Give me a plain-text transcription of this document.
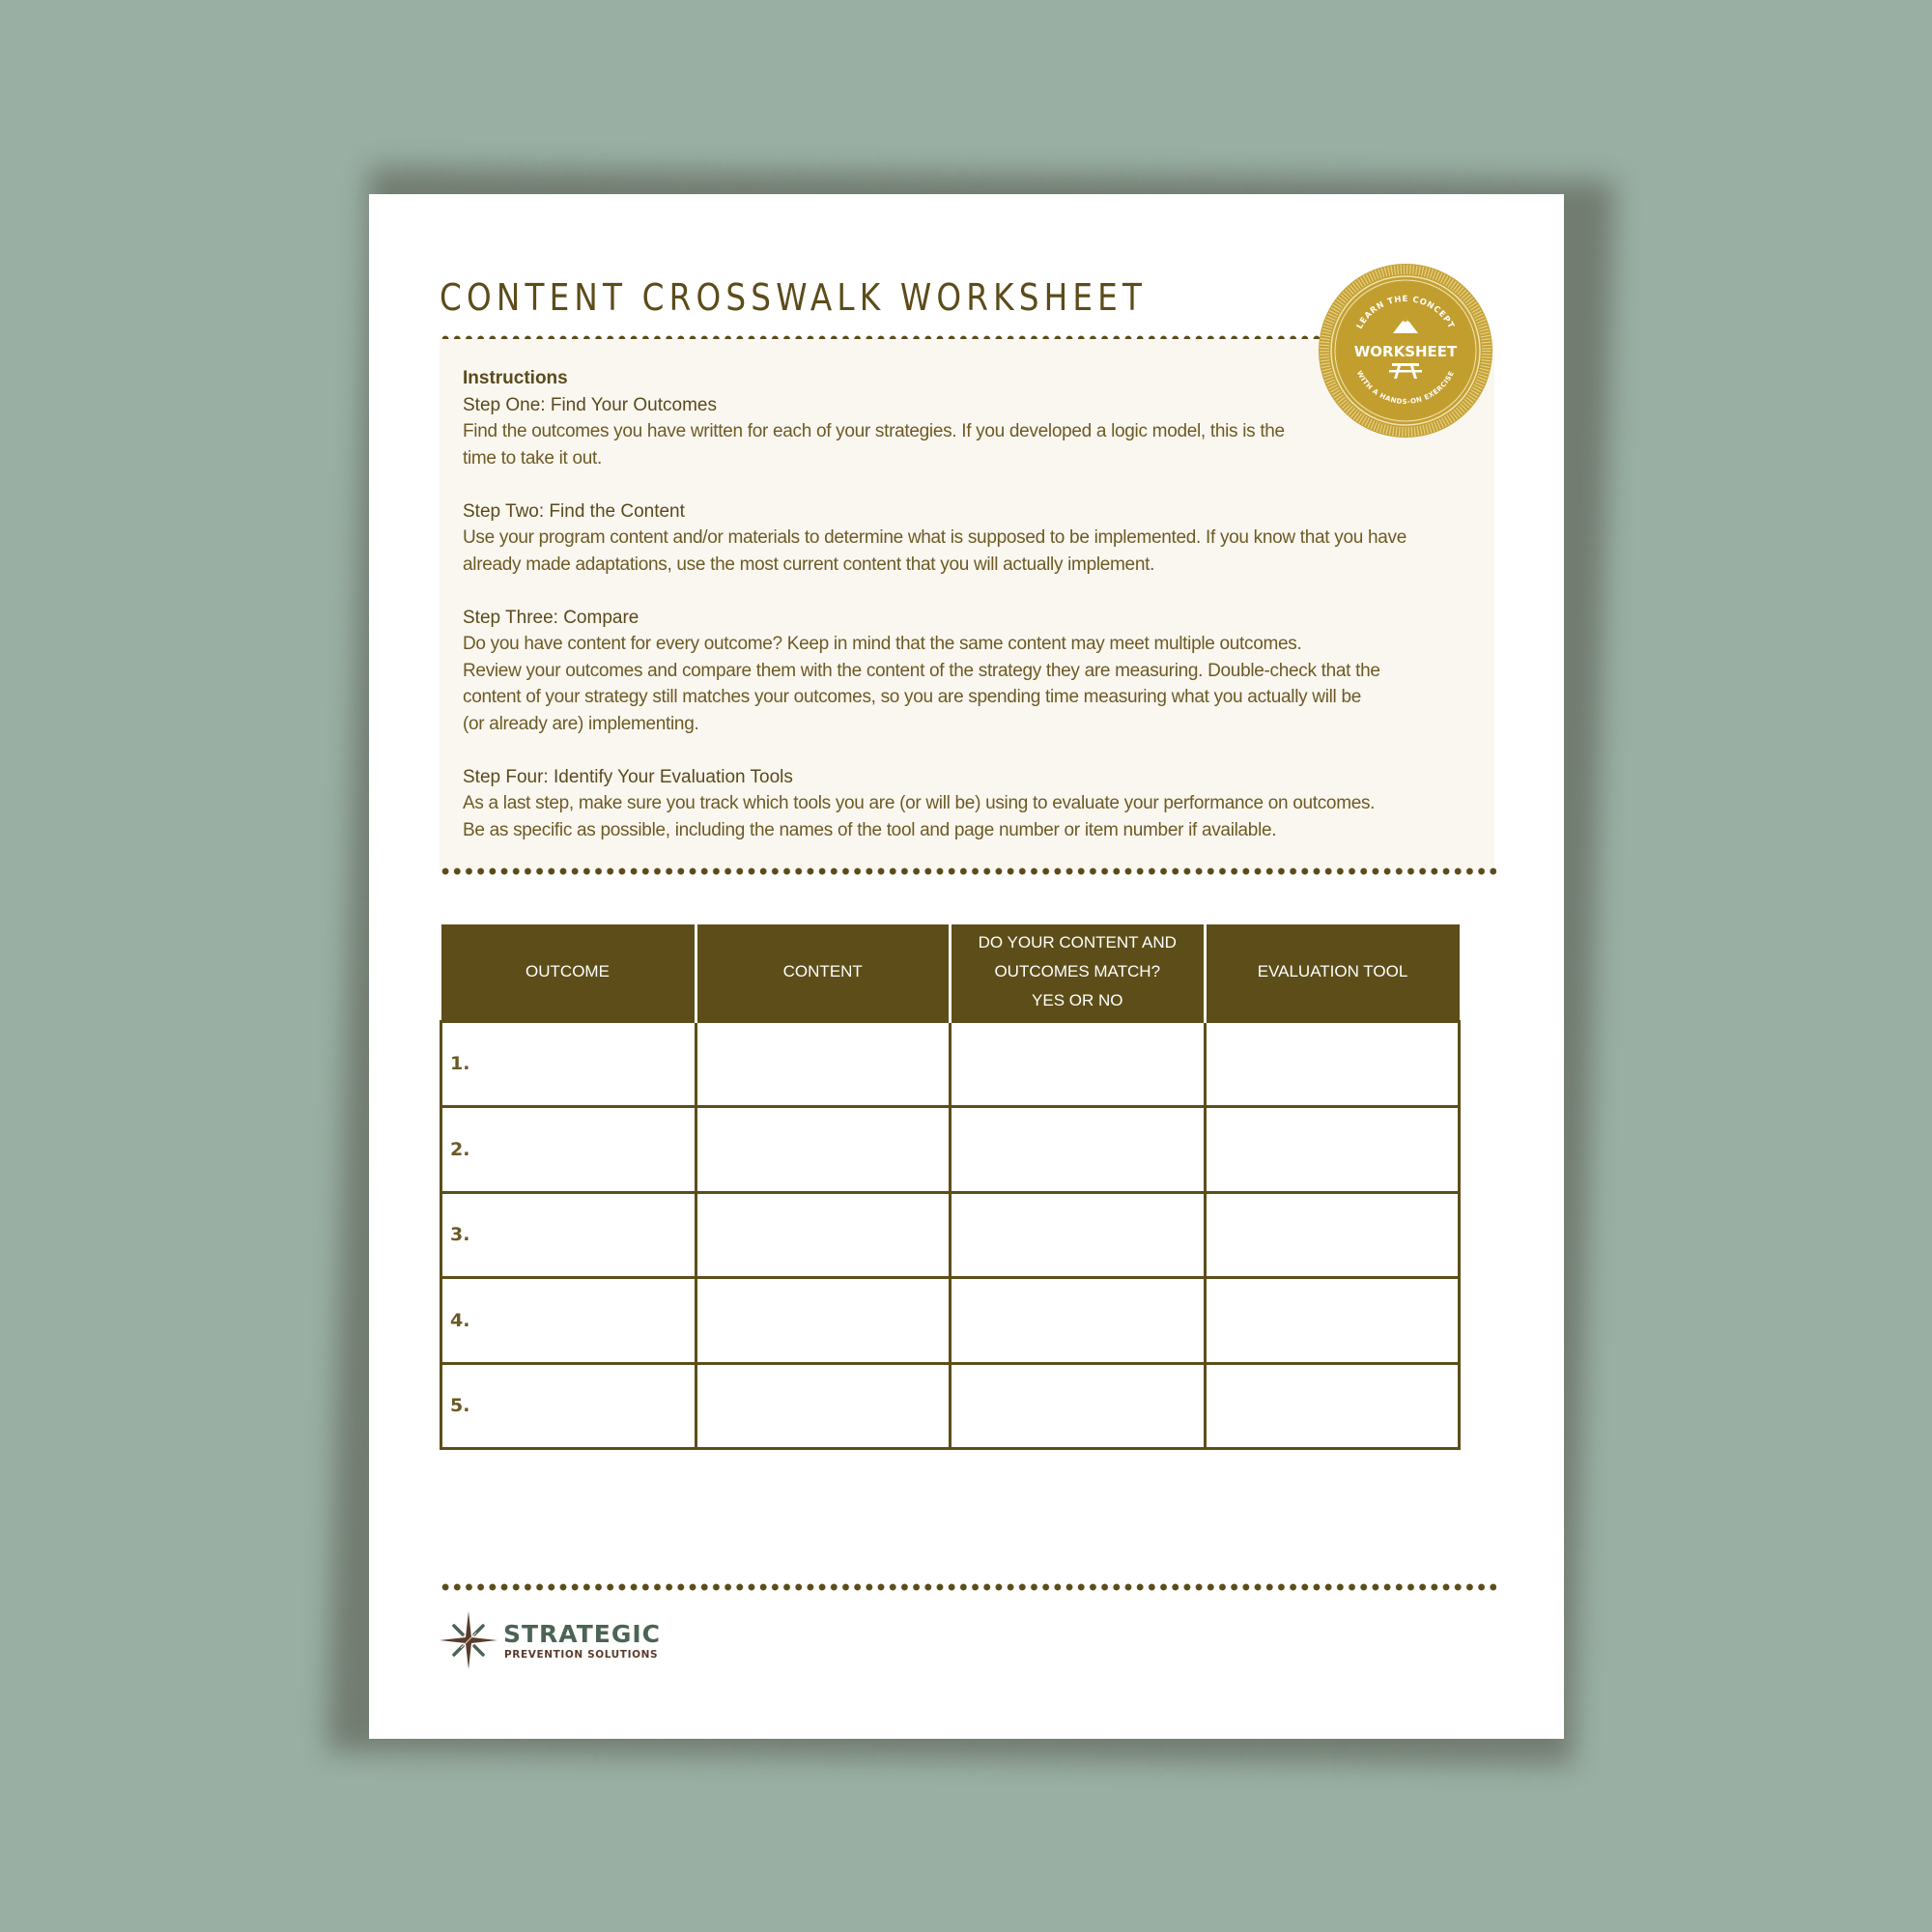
CONTENT CROSSWALK WORKSHEET
Instructions
Step One: Find Your Outcomes

Find the outcomes you have written for each of your strategies. If you developed a logic model, this is the

time to take it out.

Step Two: Find the Content

Use your program content and/or materials to determine what is supposed to be implemented. If you know that you have

already made adaptations, use the most current content that you will actually implement.

Step Three: Compare

Do you have content for every outcome? Keep in mind that the same content may meet multiple outcomes.

Review your outcomes and compare them with the content of the strategy they are measuring. Double-check that the

content of your strategy still matches your outcomes, so you are spending time measuring what you actually will be

(or already are) implementing.

Step Four: Identify Your Evaluation Tools

As a last step, make sure you track which tools you are (or will be) using to evaluate your performance on outcomes.

Be as specific as possible, including the names of the tool and page number or item number if available.

LEARN THE CONCEPT
WORKSHEET
WITH A HANDS-ON EXERCISE
OUTCOME	CONTENT	DO YOUR CONTENT AND
OUTCOMES MATCH?
YES OR NO	EVALUATION TOOL
1.			
2.			
3.			
4.			
5.			
STRATEGIC
PREVENTION SOLUTIONS
